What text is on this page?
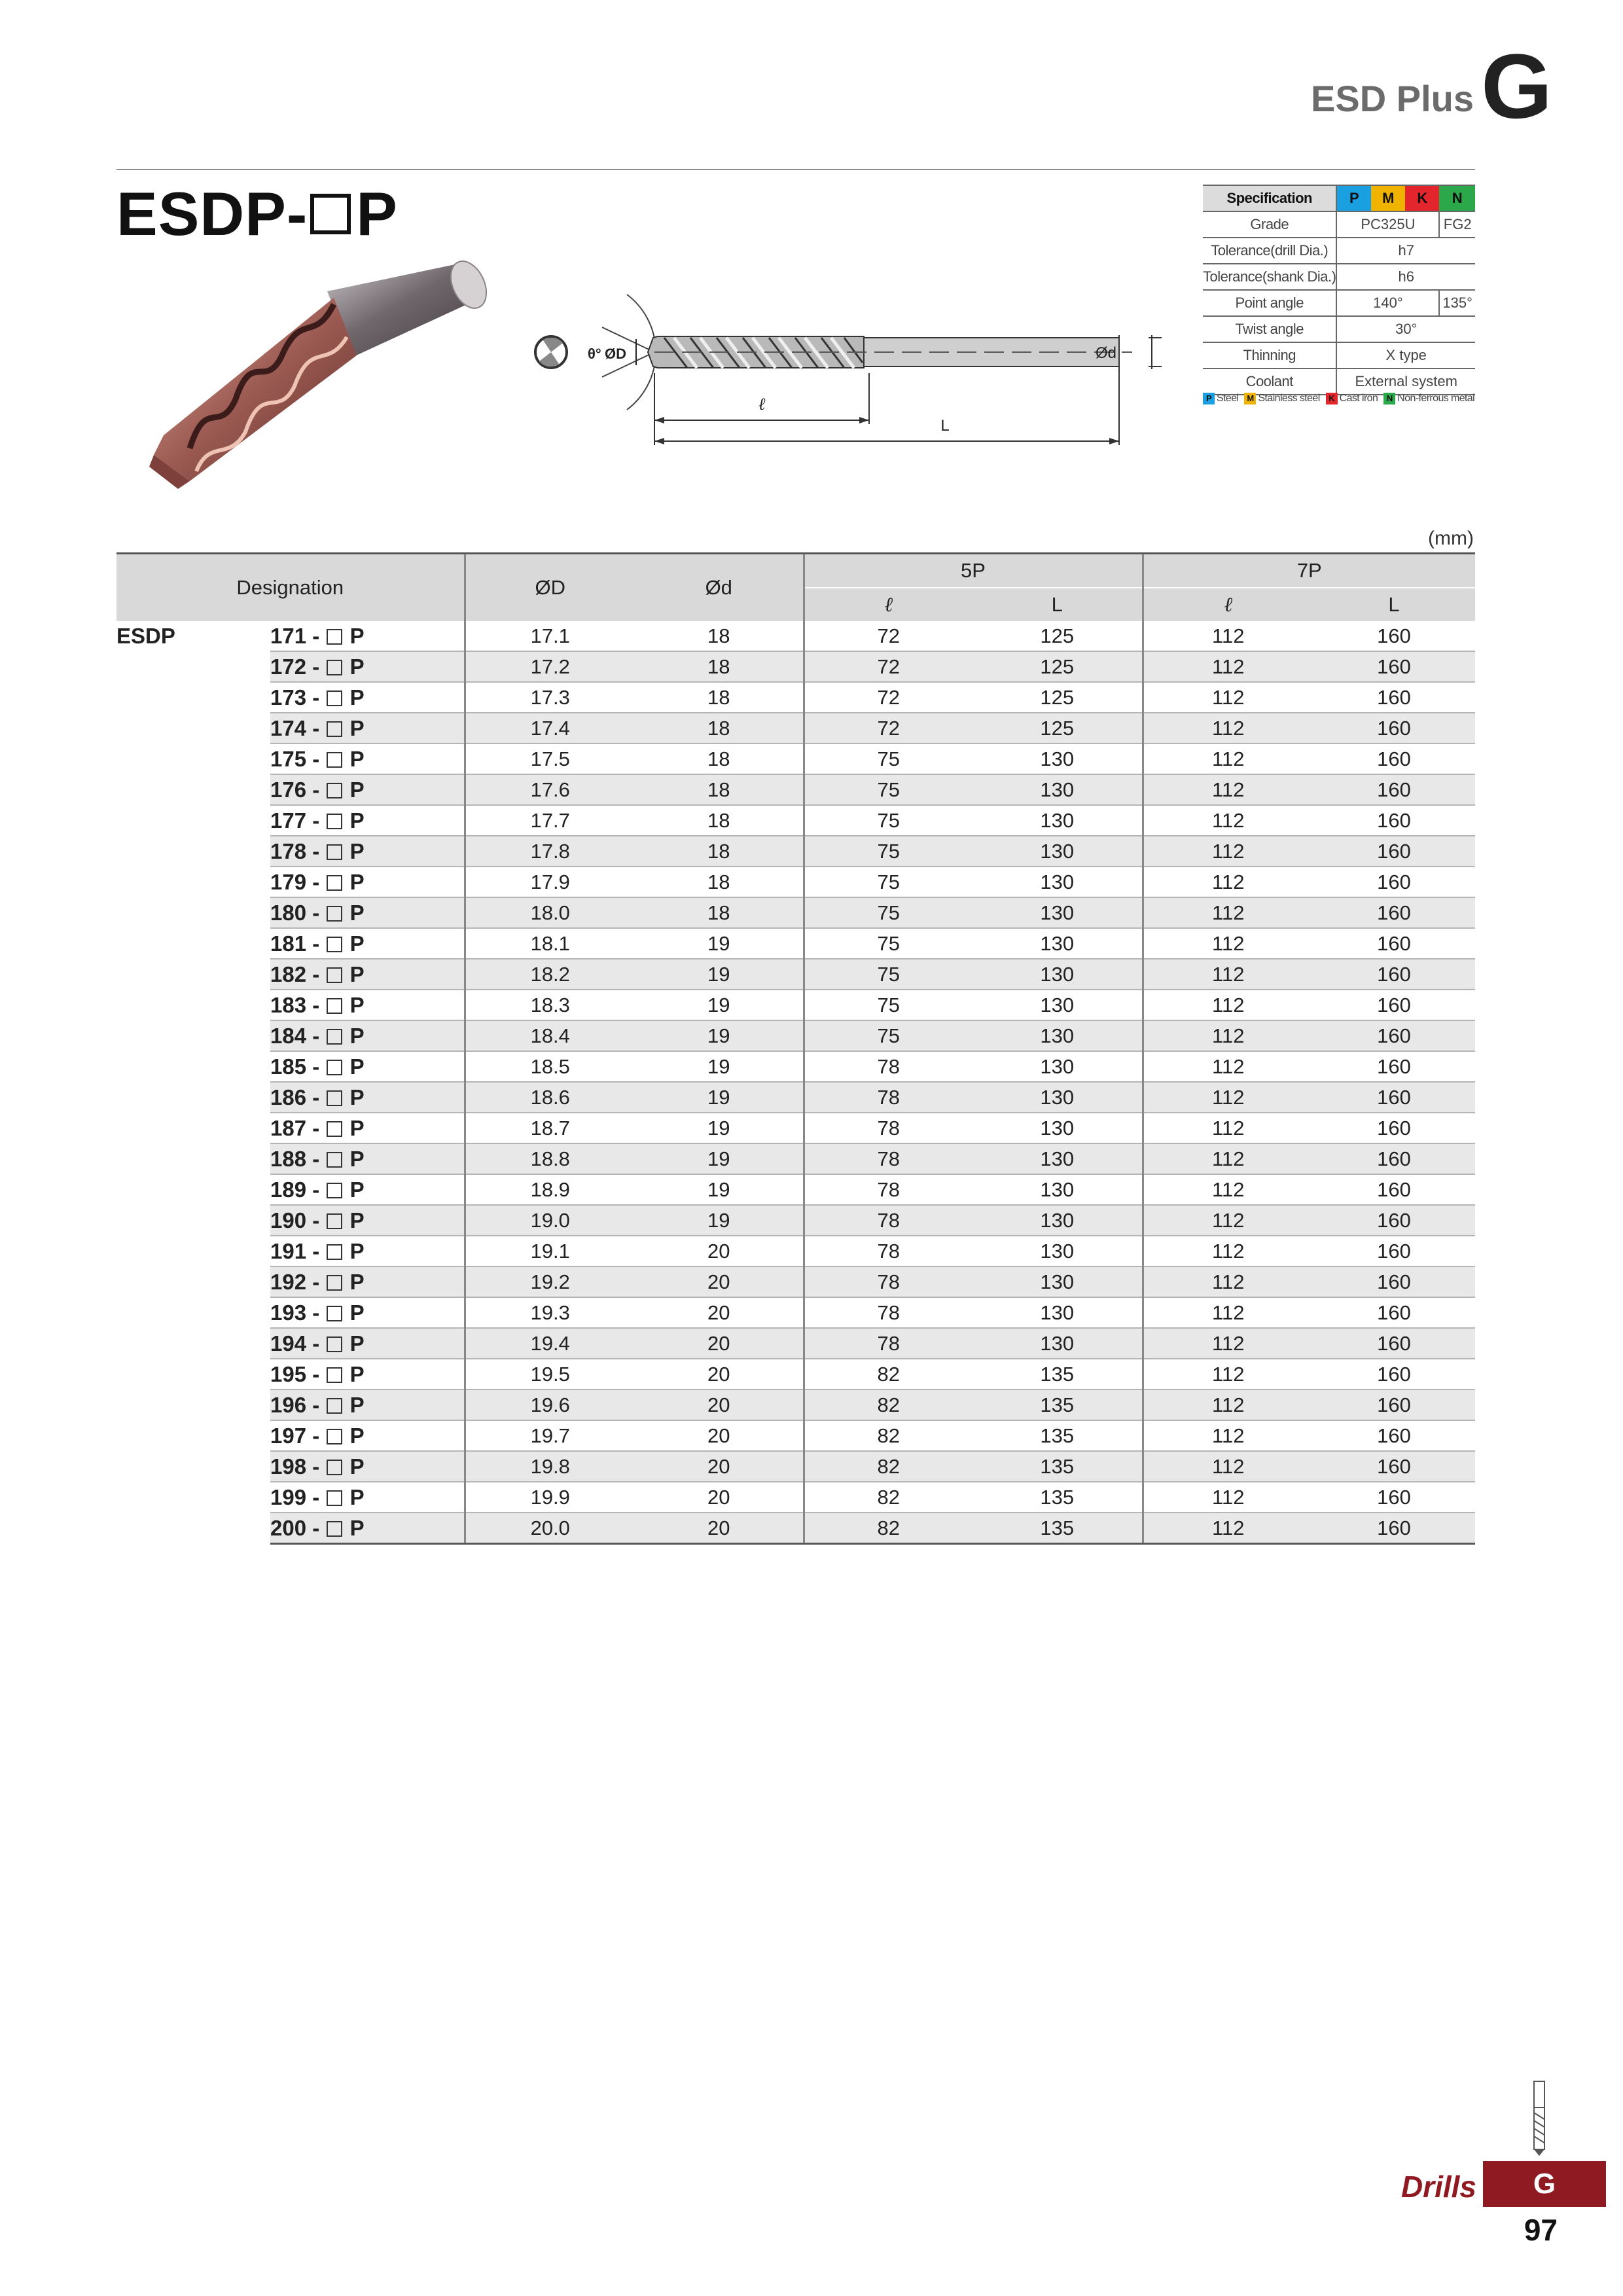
ESD Plus G
ESDP- P
θ° ØD	Ød
ℓ
L
Specification	P	M	K	N
Grade	PC325U			FG2
Tolerance(drill Dia.)	h7			
Tolerance(shank Dia.)	h6			
Point angle	140°			135°
Twist angle	30°			
Thinning	X type			
Coolant	External system			
P Steel M Stainless steel	K Cast iron	N Non-ferrous metal
(mm)
Designation		ØD	Ød	5P		7P	
				ℓ	L	ℓ	L
ESDP	171 -  P	17.1	18	72	125	112	160
	172 -  P	17.2	18	72	125	112	160
	173 -  P	17.3	18	72	125	112	160
	174 -  P	17.4	18	72	125	112	160
	175 -  P	17.5	18	75	130	112	160
	176 -  P	17.6	18	75	130	112	160
	177 -  P	17.7	18	75	130	112	160
	178 -  P	17.8	18	75	130	112	160
	179 -  P	17.9	18	75	130	112	160
	180 -  P	18.0	18	75	130	112	160
	181 -  P	18.1	19	75	130	112	160
	182 -  P	18.2	19	75	130	112	160
	183 -  P	18.3	19	75	130	112	160
	184 -  P	18.4	19	75	130	112	160
	185 -  P	18.5	19	78	130	112	160
	186 -  P	18.6	19	78	130	112	160
	187 -  P	18.7	19	78	130	112	160
	188 -  P	18.8	19	78	130	112	160
	189 -  P	18.9	19	78	130	112	160
	190 -  P	19.0	19	78	130	112	160
	191 -  P	19.1	20	78	130	112	160
	192 -  P	19.2	20	78	130	112	160
	193 -  P	19.3	20	78	130	112	160
	194 -  P	19.4	20	78	130	112	160
	195 -  P	19.5	20	82	135	112	160
	196 -  P	19.6	20	82	135	112	160
	197 -  P	19.7	20	82	135	112	160
	198 -  P	19.8	20	82	135	112	160
	199 -  P	19.9	20	82	135	112	160
	200 -  P	20.0	20	82	135	112	160
Drills	G
97
